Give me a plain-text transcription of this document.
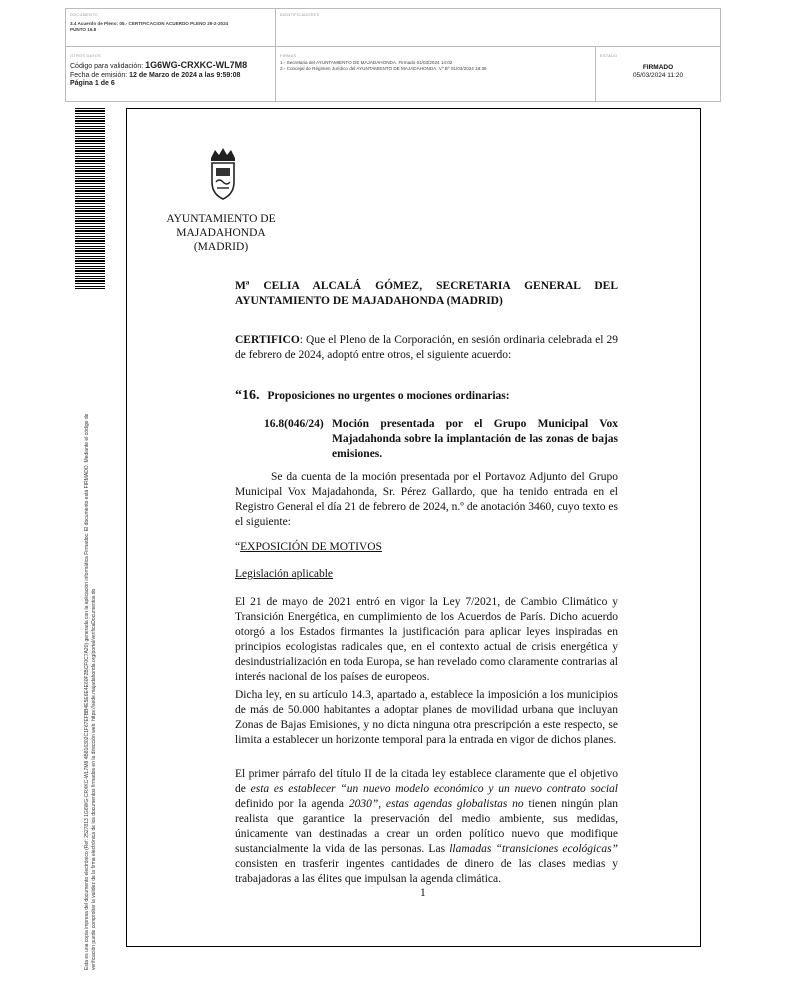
DOCUMENTO
3.4 Acuerdo de Pleno: 05.- CERTIFICACION ACUERDO PLENO 29-2-2024 PUNTO 16.8
IDENTIFICADORES
OTROS DATOS
Código para validación: 1G6WG-CRXKC-WL7M8
Fecha de emisión: 12 de Marzo de 2024 a las 9:59:08
Página 1 de 6
FIRMAS
1.- Secretaria del AYUNTAMIENTO DE MAJADAHONDA. Firmado 01/03/2024 14:02
2.- Concejal de Régimen Jurídico del AYUNTAMIENTO DE MAJADAHONDA. Vº Bº 01/03/2024 18:36
ESTADO
FIRMADO
05/03/2024 11:20
Esta es una copia impresa del documento electrónico (Ref: 2527813 1G6WG-CRXKC-WL7M8 4B816302C1F67EFBB4E5E6E4E60F2BCF0C7A20) generada con la aplicación informática Firmadoc. El documento está FIRMADO. Mediante el código de verificación puede comprobar la validez de la firma electrónica de los documentos firmados en la dirección web: https://sede.majadahonda.org/portal/verificaDocumentos.do
AYUNTAMIENTO DE
MAJADAHONDA
(MADRID)
Mª CELIA ALCALÁ GÓMEZ, SECRETARIA GENERAL DEL AYUNTAMIENTO DE MAJADAHONDA (MADRID)
CERTIFICO: Que el Pleno de la Corporación, en sesión ordinaria celebrada el 29 de febrero de 2024, adoptó entre otros, el siguiente acuerdo:
“16. Proposiciones no urgentes o mociones ordinarias:
16.8(046/24) Moción presentada por el Grupo Municipal Vox Majadahonda sobre la implantación de las zonas de bajas emisiones.
Se da cuenta de la moción presentada por el Portavoz Adjunto del Grupo Municipal Vox Majadahonda, Sr. Pérez Gallardo, que ha tenido entrada en el Registro General el día 21 de febrero de 2024, n.º de anotación 3460, cuyo texto es el siguiente:
“EXPOSICIÓN DE MOTIVOS
Legislación aplicable
El 21 de mayo de 2021 entró en vigor la Ley 7/2021, de Cambio Climático y Transición Energética, en cumplimiento de los Acuerdos de París. Dicho acuerdo otorgó a los Estados firmantes la justificación para aplicar leyes inspiradas en principios ecologistas radicales que, en el contexto actual de crisis energética y desindustrialización en toda Europa, se han revelado como claramente contrarias al interés nacional de los países de europeos.
Dicha ley, en su artículo 14.3, apartado a, establece la imposición a los municipios de más de 50.000 habitantes a adoptar planes de movilidad urbana que incluyan Zonas de Bajas Emisiones, y no dicta ninguna otra prescripción a este respecto, se limita a establecer un horizonte temporal para la entrada en vigor de dichos planes.
El primer párrafo del título II de la citada ley establece claramente que el objetivo de esta es establecer “un nuevo modelo económico y un nuevo contrato social definido por la agenda 2030”, estas agendas globalistas no tienen ningún plan realista que garantice la preservación del medio ambiente, sus medidas, únicamente van destinadas a crear un orden político nuevo que modifique sustancialmente la vida de las personas. Las llamadas “transiciones ecológicas” consisten en trasferir ingentes cantidades de dinero de las clases medias y trabajadoras a las élites que impulsan la agenda climática.
1
